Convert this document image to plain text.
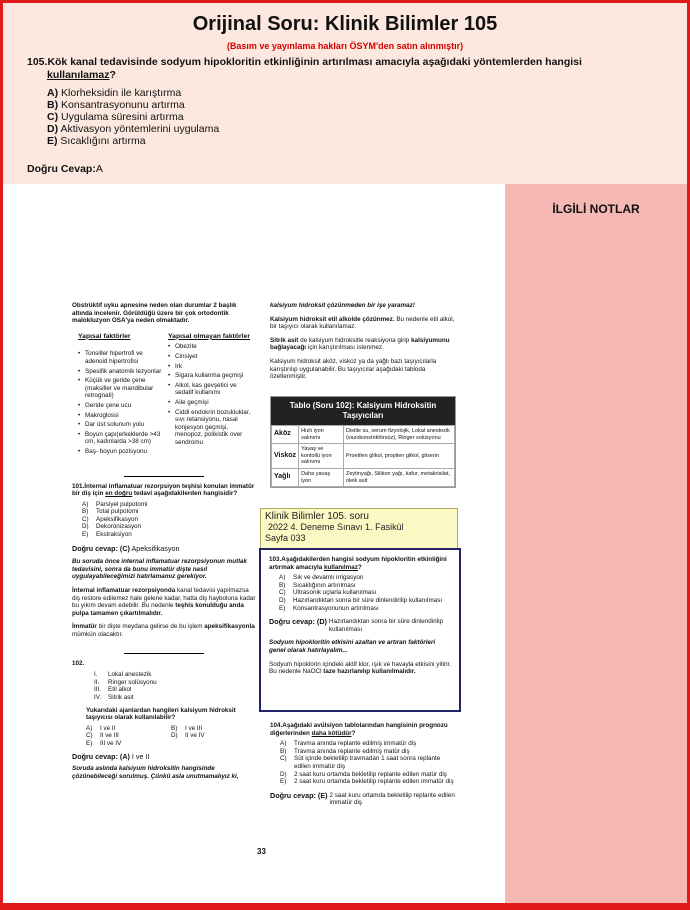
Orijinal Soru: Klinik Bilimler 105
(Basım ve yayınlama hakları ÖSYM'den satın alınmıştır)
105.Kök kanal tedavisinde sodyum hipokloritin etkinliğinin artırılması amacıyla aşağıdaki yöntemlerden hangisi
kullanılamaz?
A) Klorheksidin ile karıştırma
B) Konsantrasyonunu artırma
C) Uygulama süresini artırma
D) Aktivasyon yöntemlerini uygulama
E) Sıcaklığını artırma
Doğru Cevap:A
Obstrüktif uyku apnesine neden olan durumlar 2 başlık altında incelenir. Görüldüğü üzere bir çok ortodontik malokluzyon OSA'ya neden olmaktadır.
Yapısal faktörler
• Tonsiller hipertrofi ve adenoid hipertrofisi
• Spesifik anatomik lezyonlar
• Küçük ve geride çene (maksiller ve mandibular retrognati)
• Geride çene ucu
• Makroglossi
• Dar üst solunum yolu
• Boyun çapı(erkeklerde >43 cm, kadınlarda >38 cm)
• Baş- boyun pozisyonu
Yapısal olmayan faktörler
• Obezite
• Cinsiyet
• Irk
• Sigara kullanma geçmişi
• Alkol, kas gevşetici ve sedatif kullanımı
• Aile geçmişi
• Ciddi endokrin bozukluklar, sıvı retansiyonu, nasal konjesyon geçmişi, menopoz, polikistik over sendromu
101.İnternal inflamatuar rezorpsiyon teşhisi konulan immatür bir diş için en doğru tedavi aşağıdakilerden hangisidir?
A)	Parsiyel pulpotomi
B)	Total pulpotomi
C)	Apeksifikasyon
D)	Dekoronizasyon
E)	Ekstraksiyon
Doğru cevap: (C) Apeksifikasyon
Bu soruda önce internal inflamatuar rezorpsiyonun mutlak tedavisini, sonra da bunu immatür dişte nasıl uygulayabileceğimizi hatırlamamız gerekiyor.
İnternal inflamatuar rezorpsiyonda kanal tedavisi yapılmazsa diş restore edilemez hale gelene kadar, hatta diş hayboluna kadar bu yıkım devam edebilir. Bu nedenle teşhis konulduğu anda pulpa tamamen çıkartılmalıdır.
İmmatür bir dişte meydana gelirse de bu işlem apeksifikasyonla mümkün olacaktır.
102.
I.	Lokal anestezik
II.	Ringer solüsyonu
III.	Etil alkol
IV.	Sitrik asit
Yukarıdaki ajanlardan hangileri kalsiyum hidroksit taşıyıcısı olarak kullanılabilir?
A)	I ve II	B)	I ve III
C)	II ve III	D)	II ve IV
E)	III ve IV
Doğru cevap: (A) I ve II
Soruda aslında kalsiyum hidroksitin hangisinde çözünebileceği sorulmuş. Çünkü asla unutmamalıyız ki,
kalsiyum hidroksit çözünmeden bir işe yaramaz!
Kalsiyum hidroksit etil alkolde çözünmez. Bu nedenle etil alkol, bir taşıyıcı olarak kullanılamaz.
Sitrik asit de kalsiyum hidroksitle reaksiyona girip kalsiyumunu bağlayacağı için karıştırılması istenmez.
Kalsiyum hidroksit aköz, viskoz ya da yağlı bazı taşıyıcılarla karıştırılıp uygulanabilir. Bu taşıyıcılar aşağıdaki tabloda özetlenmiştir.
Tablo (Soru 102): Kalsiyum Hidroksitin Taşıyıcıları
Aköz	Hızlı iyon salınımı	Distile su, serum fizyolojik, Lokal anestezik (vazokonstriktörsüz), Ringer solüsyonu
Viskoz	Yavaş ve kontollü iyon salınımı	Proetilen glikol, propilen glikol, gliserin
Yağlı	Daha yavaş iyon	Zeytinyağı, Silikon yağı, kafur, metakrisilat, oleik asit
Klinik Bilimler 105. soru
2022 4. Deneme Sınavı 1. Fasikül
Sayfa 033
103.Aşağıdakilerden hangisi sodyum hipokloritin etkinliğini artırmak amacıyla kullanılmaz?
A)	Sık ve devamlı irrigasyon
B)	Sıcaklığının artırılması
C)	Ultrasonik uçlarla kullanılması
D)	Hazırlandıktan sonra bir süre dinlendirilip kullanılması
E)	Konsantrasyonunun artırılması
Doğru cevap: (D)
Hazırlandıktan sonra bir süre dinlendirilip kullanılması
Sodyum hipokloritin etkisini azaltan ve artıran faktörleri genel olarak hatırlayalım...
Sodyum hipoklorin içindeki aktif klor, ışık ve havayla etkisini yitirir. Bu nedenle NaOCl taze hazırlanılıp kullanılmalıdır.
104.Aşağıdaki avülsiyon tablolarından hangisinin prognozu diğerlerinden daha kötüdür?
A)	Travma anında replante edilmiş immatür diş
B)	Travma anında replante edilmiş matür diş
C)	Süt içinde bekletilip travmadan 1 saat sonra replante edilen immatür diş
D)	2 saat kuru ortamda bekletilip replante edilen matür diş
E)	2 saat kuru ortamda bekletilip replante edilen immatür diş
Doğru cevap: (E)
2 saat kuru ortamda bekletilip replante edilen immatür diş
33
İLGİLİ NOTLAR
